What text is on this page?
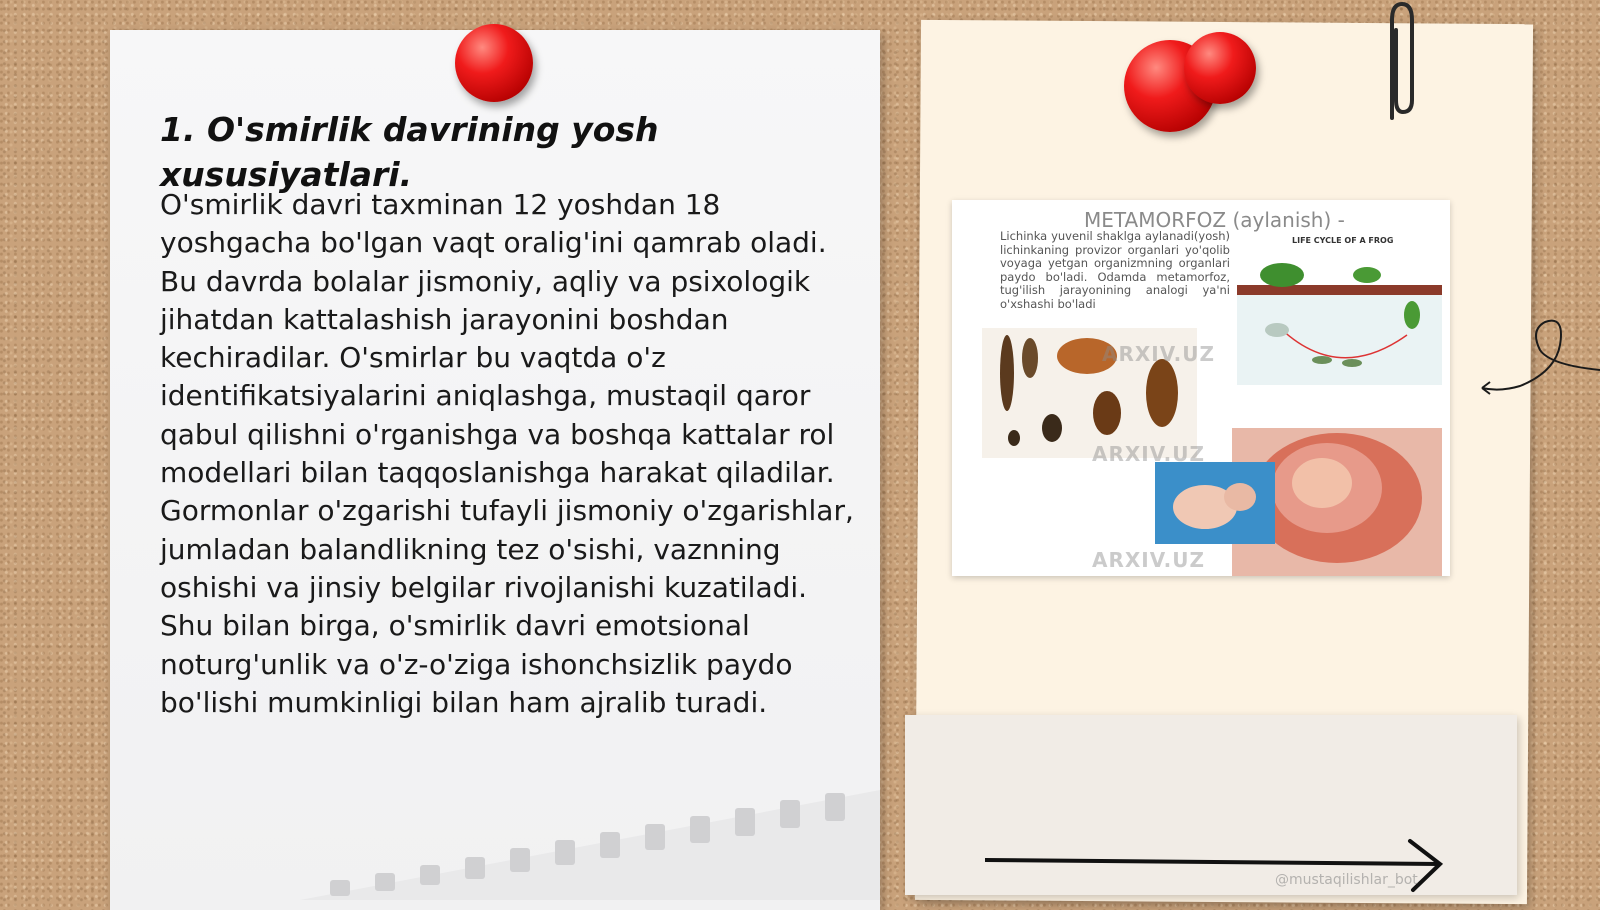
1. O'smirlik davrining yosh xususiyatlari.

O'smirlik davri taxminan 12 yoshdan 18 yoshgacha bo'lgan vaqt oralig'ini qamrab oladi. Bu davrda bolalar jismoniy, aqliy va psixologik jihatdan kattalashish jarayonini boshdan kechiradilar. O'smirlar bu vaqtda o'z identifikatsiyalarini aniqlashga, mustaqil qaror qabul qilishni o'rganishga va boshqa kattalar rol modellari bilan taqqoslanishga harakat qiladilar. Gormonlar o'zgarishi tufayli jismoniy o'zgarishlar, jumladan balandlikning tez o'sishi, vaznning oshishi va jinsiy belgilar rivojlanishi kuzatiladi. Shu bilan birga, o'smirlik davri emotsional noturg'unlik va o'z-o'ziga ishonchsizlik paydo bo'lishi mumkinligi bilan ham ajralib turadi.

METAMORFOZ (aylanish) -
Lichinka yuvenil shaklga aylanadi(yosh) lichinkaning provizor organlari yo'qolib voyaga yetgan organizmning organlari paydo bo'ladi. Odamda metamorfoz, tug'ilish jarayonining analogi ya'ni o'xshashi bo'ladi
LIFE CYCLE OF A FROG
ARXIV.UZ
ARXIV.UZ
ARXIV.UZ
@mustaqilishlar_bot
